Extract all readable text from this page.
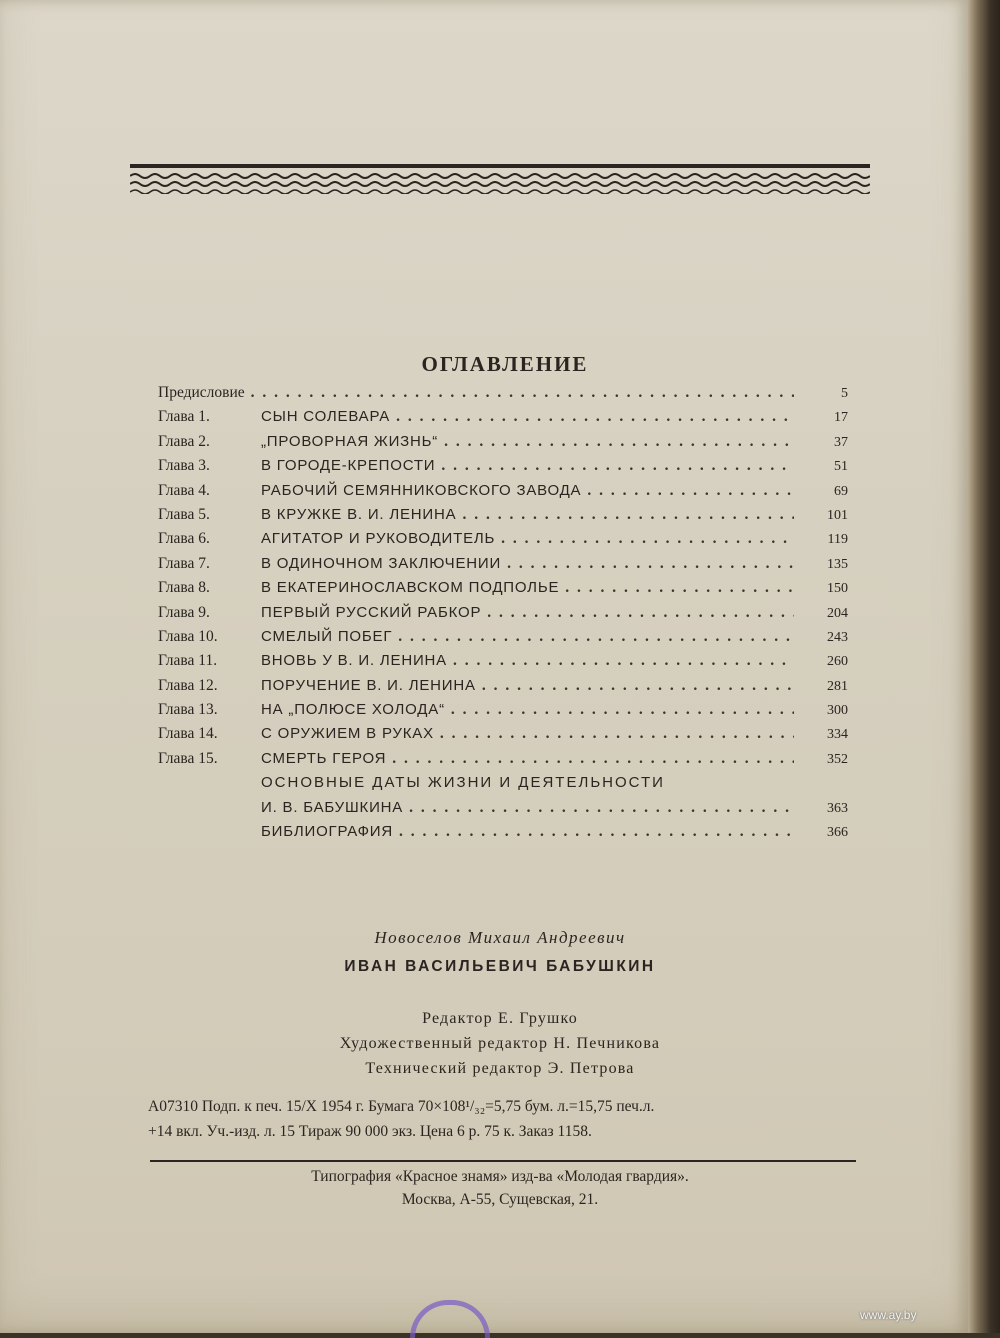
ОГЛАВЛЕНИЕ
Предисловие . . .	5
Глава 1.	СЫН СОЛЕВАРА . . .	17
Глава 2.	„ПРОВОРНАЯ ЖИЗНЬ“ . . .	37
Глава 3.	В ГОРОДЕ-КРЕПОСТИ . . .	51
Глава 4.	РАБОЧИЙ СЕМЯННИКОВСКОГО ЗАВОДА . . .	69
Глава 5.	В КРУЖКЕ В. И. ЛЕНИНА . . .	101
Глава 6.	АГИТАТОР И РУКОВОДИТЕЛЬ . . .	119
Глава 7.	В ОДИНОЧНОМ ЗАКЛЮЧЕНИИ . . .	135
Глава 8.	В ЕКАТЕРИНОСЛАВСКОМ ПОДПОЛЬЕ . . .	150
Глава 9.	ПЕРВЫЙ РУССКИЙ РАБКОР . . .	204
Глава 10.	СМЕЛЫЙ ПОБЕГ . . .	243
Глава 11.	ВНОВЬ У В. И. ЛЕНИНА . . .	260
Глава 12.	ПОРУЧЕНИЕ В. И. ЛЕНИНА . . .	281
Глава 13.	НА „ПОЛЮСЕ ХОЛОДА“ . . .	300
Глава 14.	С ОРУЖИЕМ В РУКАХ . . .	334
Глава 15.	СМЕРТЬ ГЕРОЯ . . .	352
ОСНОВНЫЕ ДАТЫ ЖИЗНИ И ДЕЯТЕЛЬНОСТИ
И. В. БАБУШКИНА . . .	363
БИБЛИОГРАФИЯ . . .	366
Новоселов Михаил Андреевич
ИВАН ВАСИЛЬЕВИЧ БАБУШКИН
Редактор Е. Грушко
Художественный редактор Н. Печникова
Технический редактор Э. Петрова
А07310 Подп. к печ. 15/X 1954 г. Бумага 70×108¹/₃₂=5,75 бум. л.=15,75 печ.л.
+14 вкл. Уч.-изд. л. 15 Тираж 90 000 экз. Цена 6 р. 75 к. Заказ 1158.
Типография «Красное знамя» изд-ва «Молодая гвардия».
Москва, А-55, Сущевская, 21.
www.ay.by
